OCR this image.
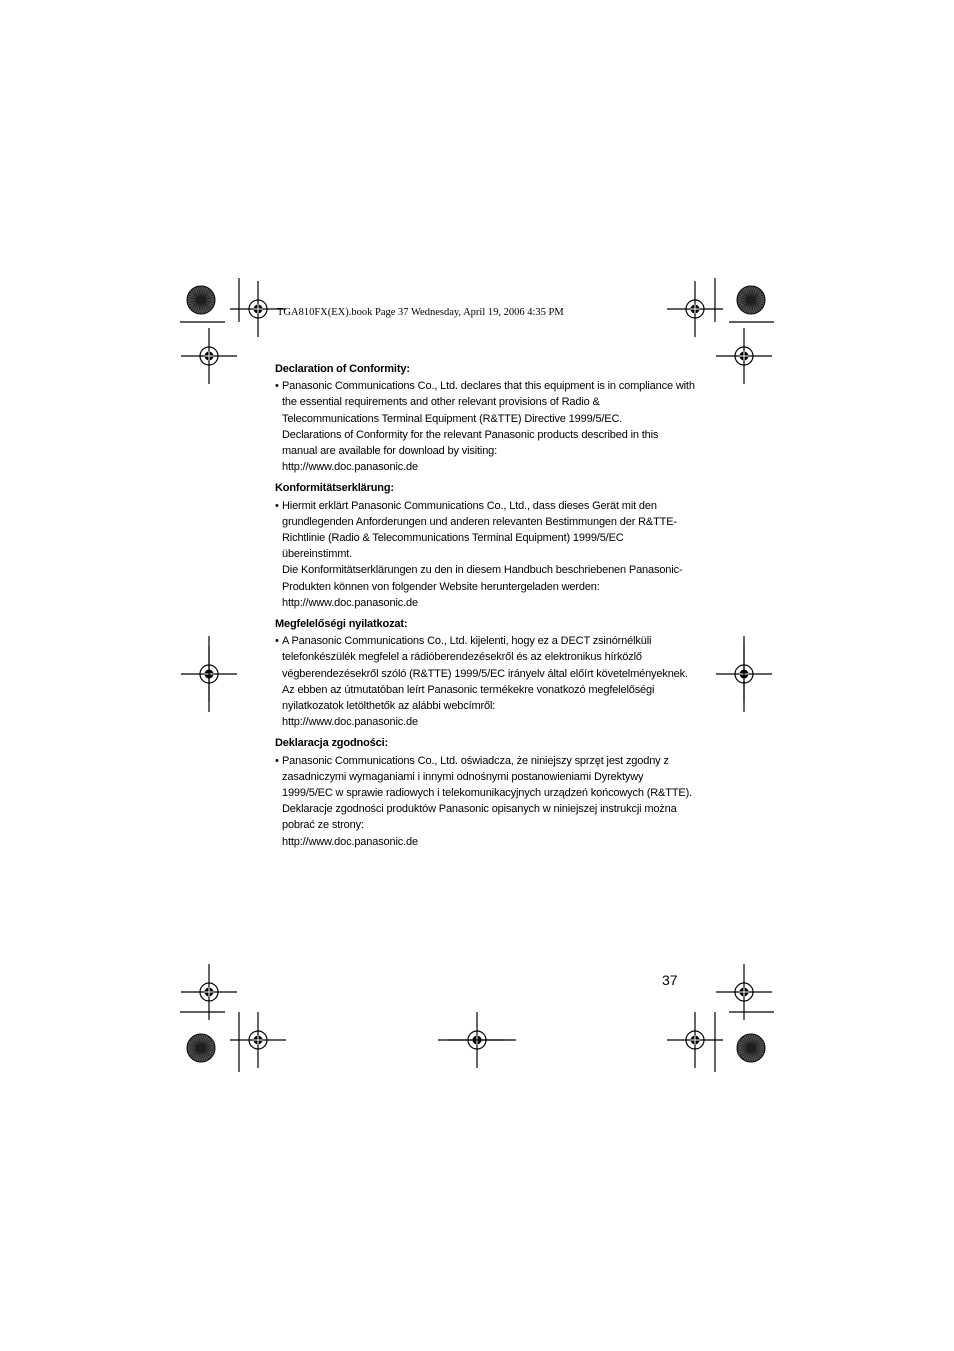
TGA810FX(EX).book Page 37 Wednesday, April 19, 2006 4:35 PM
Declaration of Conformity:
• Panasonic Communications Co., Ltd. declares that this equipment is in compliance with the essential requirements and other relevant provisions of Radio & Telecommunications Terminal Equipment (R&TTE) Directive 1999/5/EC.
Declarations of Conformity for the relevant Panasonic products described in this manual are available for download by visiting:
http://www.doc.panasonic.de
Konformitätserklärung:
• Hiermit erklärt Panasonic Communications Co., Ltd., dass dieses Gerät mit den grundlegenden Anforderungen und anderen relevanten Bestimmungen der R&TTE-Richtlinie (Radio & Telecommunications Terminal Equipment) 1999/5/EC übereinstimmt.
Die Konformitätserklärungen zu den in diesem Handbuch beschriebenen Panasonic-Produkten können von folgender Website heruntergeladen werden:
http://www.doc.panasonic.de
Megfelelőségi nyilatkozat:
• A Panasonic Communications Co., Ltd. kijelenti, hogy ez a DECT zsinórnélküli telefonkészülék megfelel a rádióberendezésekről és az elektronikus hírközlő végberendezésekről szóló (R&TTE) 1999/5/EC irányelv által előírt követelményeknek.
Az ebben az útmutatóban leírt Panasonic termékekre vonatkozó megfelelőségi nyilatkozatok letölthetők az alábbi webcímről:
http://www.doc.panasonic.de
Deklaracja zgodności:
• Panasonic Communications Co., Ltd. oświadcza, że niniejszy sprzęt jest zgodny z zasadniczymi wymaganiami i innymi odnośnymi postanowieniami Dyrektywy 1999/5/EC w sprawie radiowych i telekomunikacyjnych urządzeń końcowych (R&TTE).
Deklaracje zgodności produktów Panasonic opisanych w niniejszej instrukcji można pobrać ze strony:
http://www.doc.panasonic.de
37
